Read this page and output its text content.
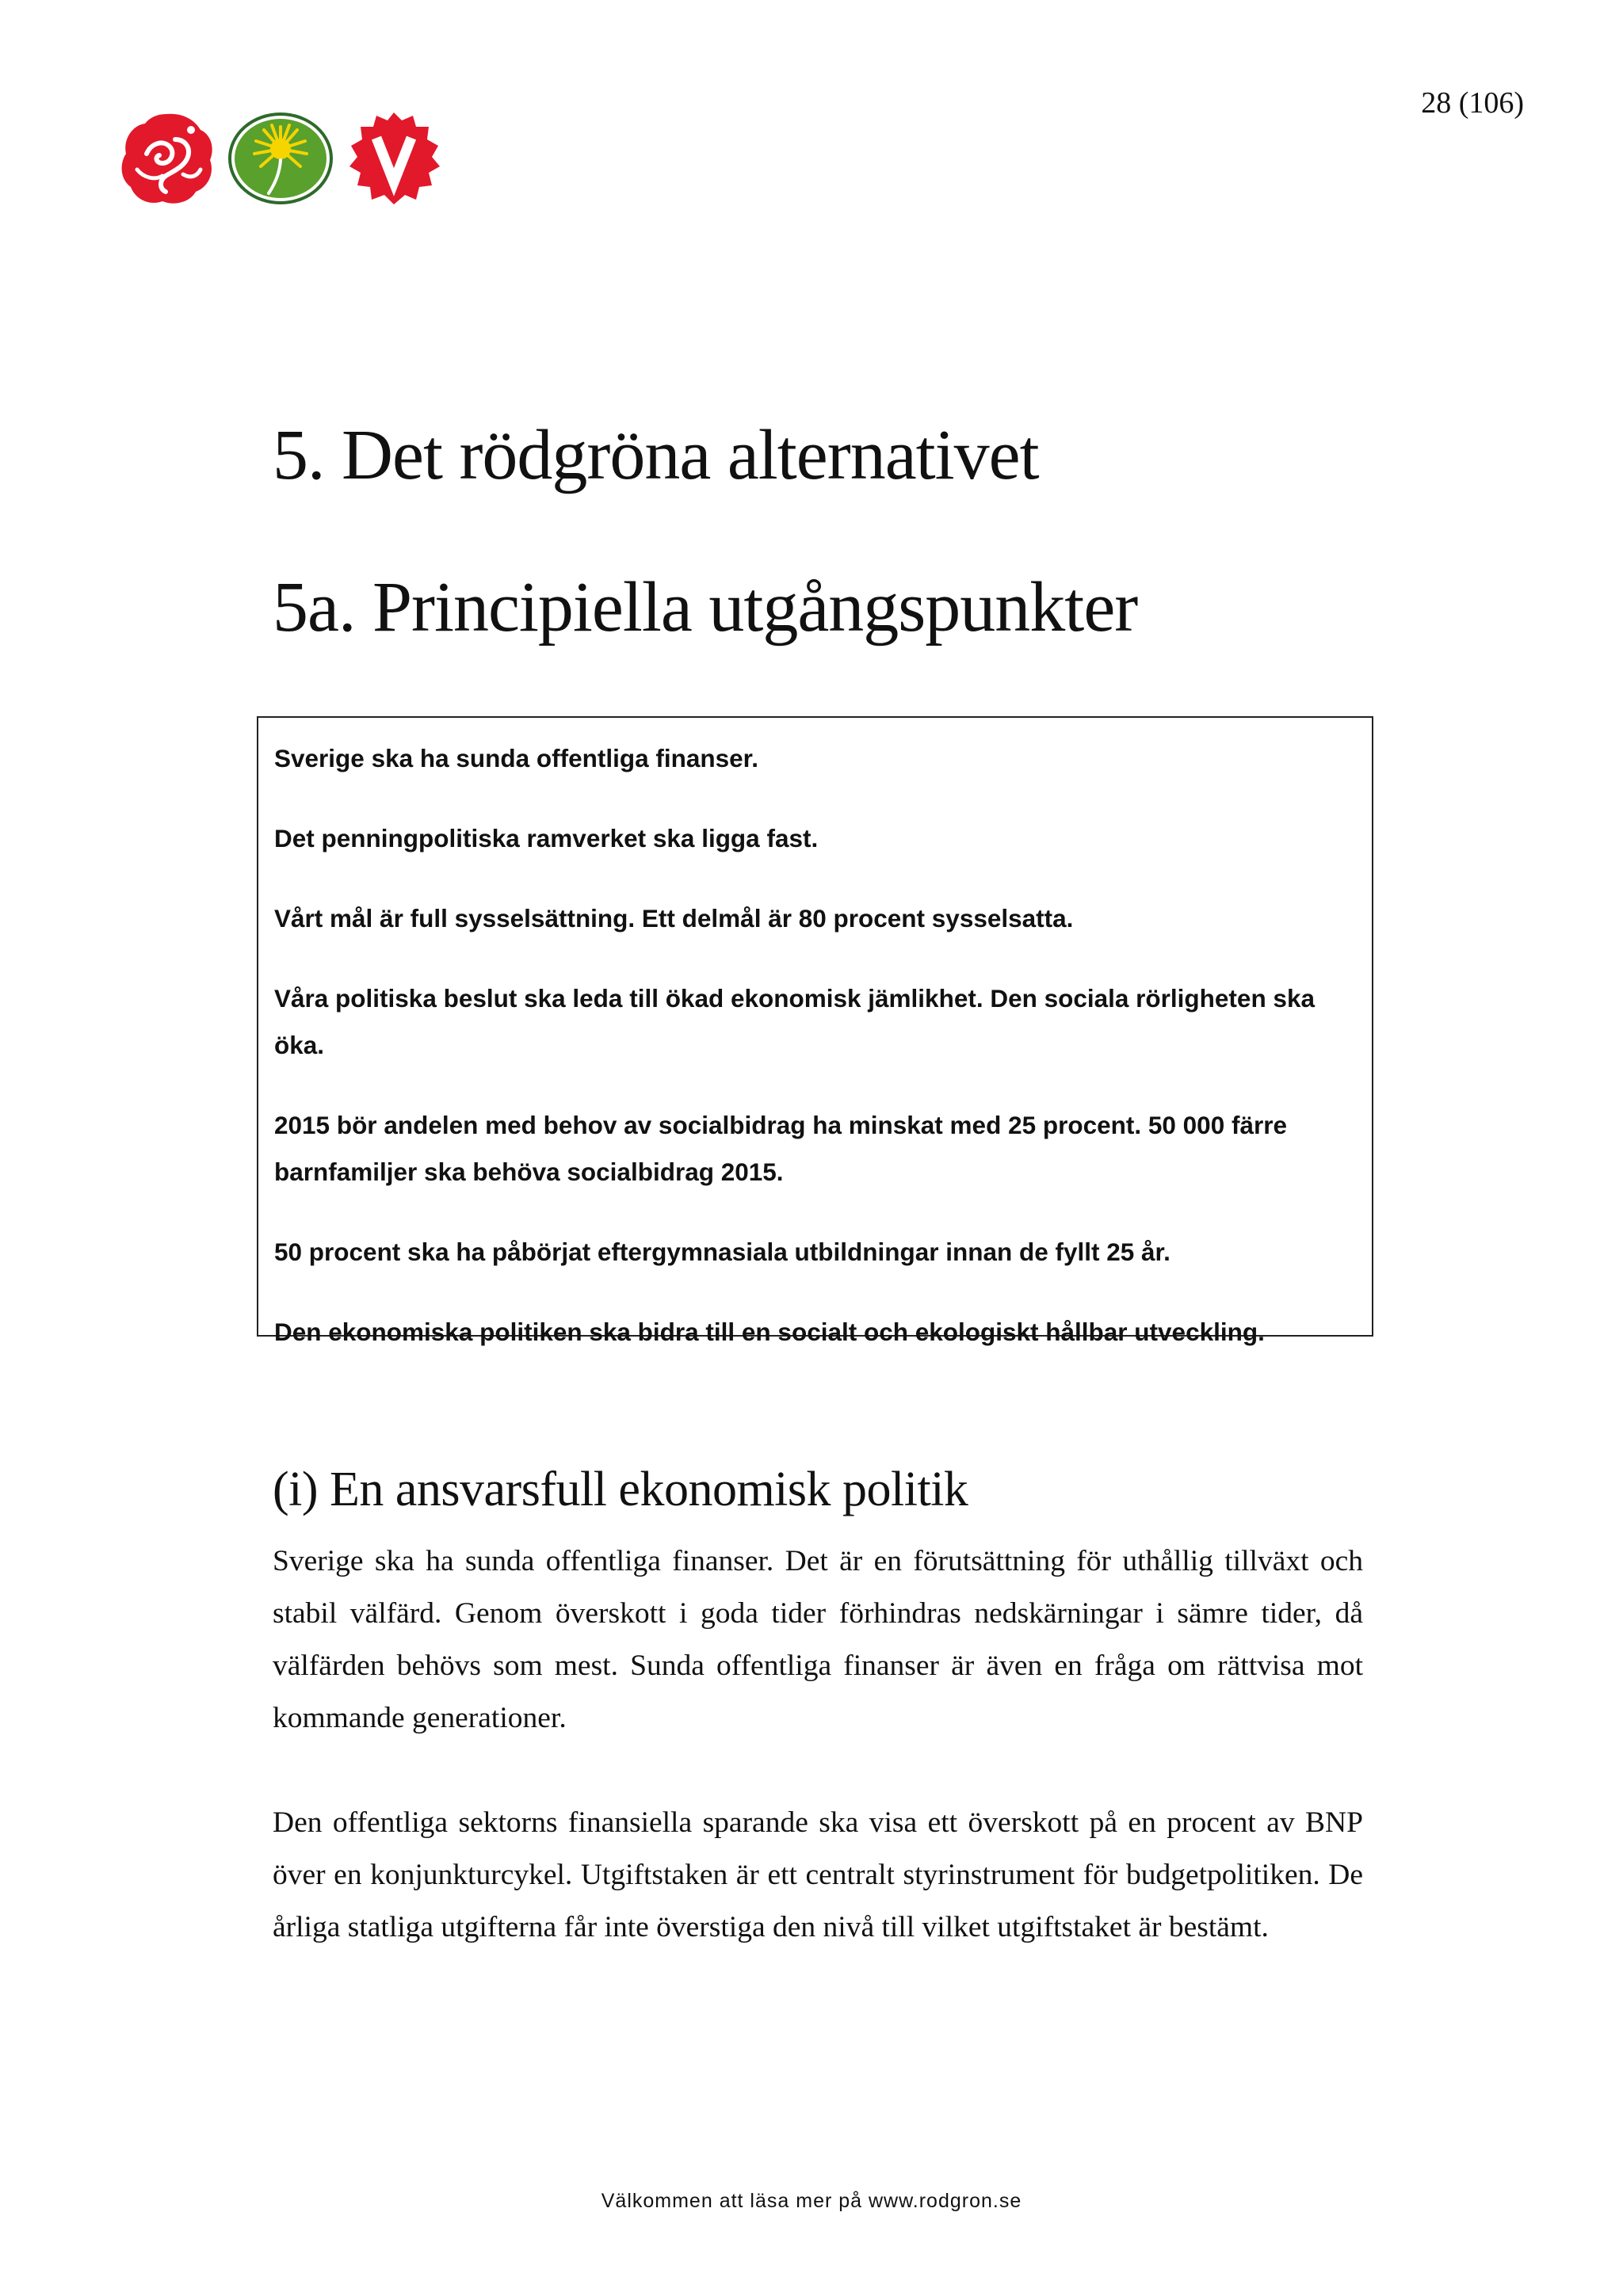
28 (106)
5. Det rödgröna alternativet
5a. Principiella utgångspunkter

Sverige ska ha sunda offentliga finanser.

Det penningpolitiska ramverket ska ligga fast.

Vårt mål är full sysselsättning. Ett delmål är 80 procent sysselsatta.

Våra politiska beslut ska leda till ökad ekonomisk jämlikhet. Den sociala rörligheten ska öka.

2015 bör andelen med behov av socialbidrag ha minskat med 25 procent. 50 000 färre barnfamiljer ska behöva socialbidrag 2015.

50 procent ska ha påbörjat eftergymnasiala utbildningar innan de fyllt 25 år.

Den ekonomiska politiken ska bidra till en socialt och ekologiskt hållbar utveckling.

(i) En ansvarsfull ekonomisk politik

Sverige ska ha sunda offentliga finanser. Det är en förutsättning för uthållig tillväxt och stabil välfärd. Genom överskott i goda tider förhindras nedskärningar i sämre tider, då välfärden behövs som mest. Sunda offentliga finanser är även en fråga om rättvisa mot kommande generationer.

Den offentliga sektorns finansiella sparande ska visa ett överskott på en procent av BNP över en konjunkturcykel. Utgiftstaken är ett centralt styrinstrument för budgetpolitiken. De årliga statliga utgifterna får inte överstiga den nivå till vilket utgiftstaket är bestämt.

Välkommen att läsa mer på www.rodgron.se
